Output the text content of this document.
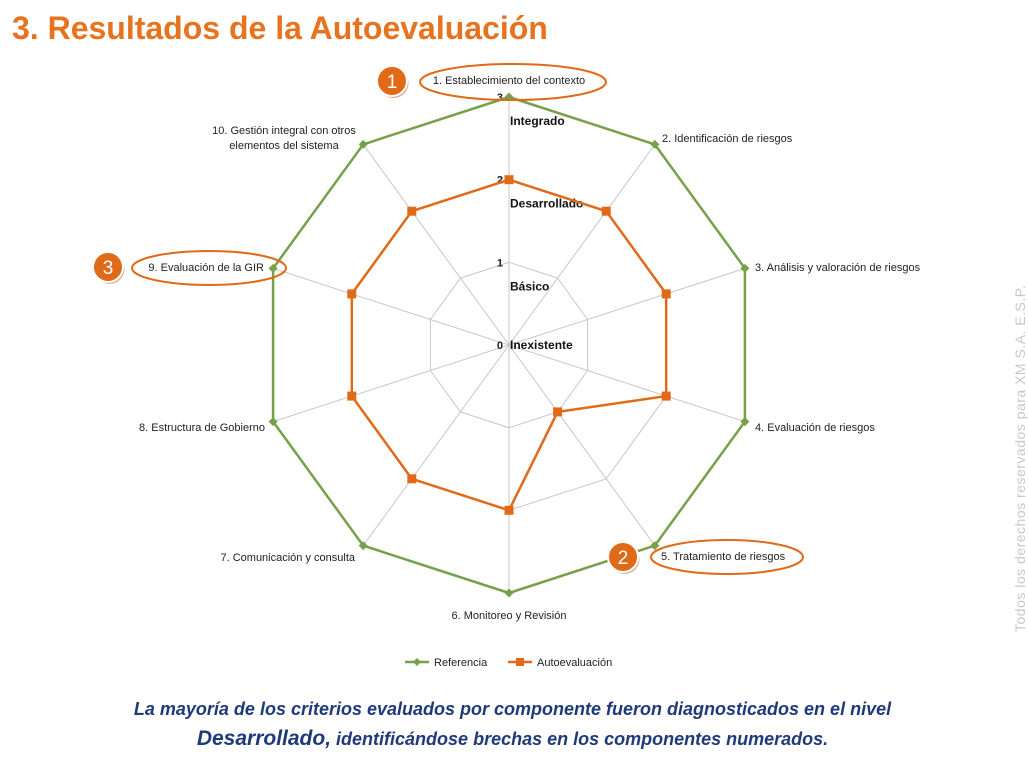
3. Resultados de la Autoevaluación
0 Inexistente
1
Básico
2
Desarrollado
3
Integrado
1. Establecimiento del contexto
2. Identificación de riesgos
3. Análisis y valoración de riesgos
4. Evaluación de riesgos
5. Tratamiento de riesgos
6. Monitoreo y Revisión
7. Comunicación y consulta
8. Estructura de Gobierno
9. Evaluación de la GIR
10. Gestión integral con otros elementos del sistema
1
2
3
Referencia	Autoevaluación
Todos los derechos reservados para XM S.A. E.S.P.
La mayoría de los criterios evaluados por componente fueron diagnosticados en el nivel
Desarrollado, identificándose brechas en los componentes numerados.
